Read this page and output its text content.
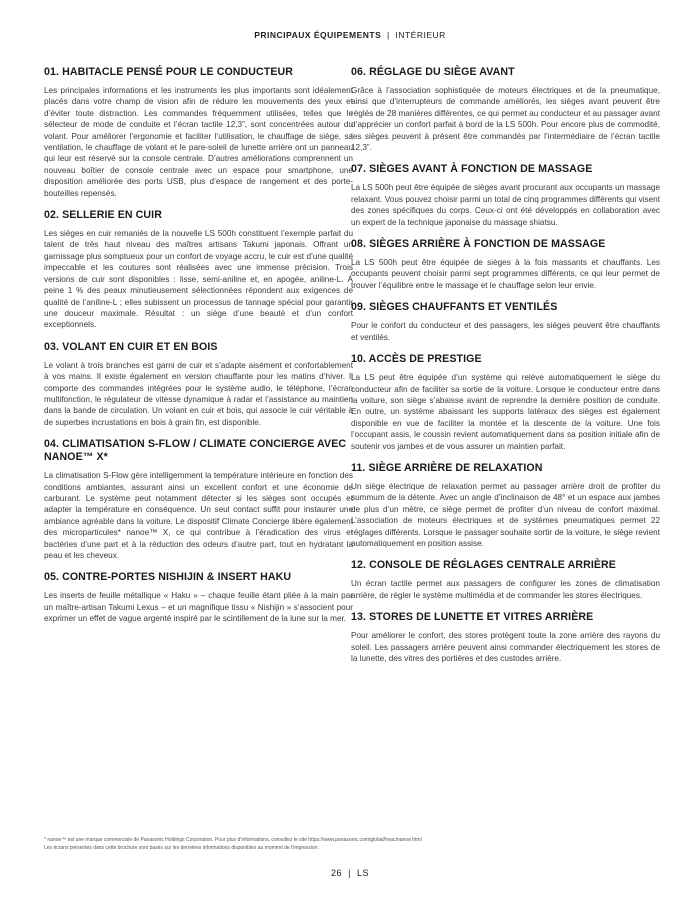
PRINCIPAUX ÉQUIPEMENTS | INTÉRIEUR
01. HABITACLE PENSÉ POUR LE CONDUCTEUR

Les principales informations et les instruments les plus importants sont idéalement placés dans votre champ de vision afin de réduire les mouvements des yeux et d’éviter toute distraction. Les commandes fréquemment utilisées, telles que le sélecteur de mode de conduite et l’écran tactile 12,3”, sont concentrées autour du volant. Pour améliorer l’ergonomie et faciliter l’utilisation, le chauffage de siège, sa ventilation, le chauffage de volant et le pare-soleil de lunette arrière ont un panneau qui leur est réservé sur la console centrale. D’autres améliorations comprennent un nouveau boîtier de console centrale avec un espace pour smartphone, une disposition améliorée des ports USB, plus d’espace de rangement et des porte-bouteilles repensés.

02. SELLERIE EN CUIR

Les sièges en cuir remaniés de la nouvelle LS 500h constituent l’exemple parfait du talent de très haut niveau des maîtres artisans Takumi japonais. Offrant un garnissage plus somptueux pour un confort de voyage accru, le cuir est d’une qualité impeccable et les coutures sont réalisées avec une immense précision. Trois versions de cuir sont disponibles : lisse, semi-aniline et, en apogée, aniline-L. À peine 1 % des peaux minutieusement sélectionnées répondent aux exigences de qualité de l’aniline-L ; elles subissent un processus de tannage spécial pour garantir une douceur maximale. Résultat : un siège d’une beauté et d’un confort exceptionnels.

03. VOLANT EN CUIR ET EN BOIS

Le volant à trois branches est garni de cuir et s’adapte aisément et confortablement à vos mains. Il existe également en version chauffante pour les matins d’hiver. Il comporte des commandes intégrées pour le système audio, le téléphone, l’écran multifonction, le régulateur de vitesse dynamique à radar et l’assistance au maintien dans la bande de circulation. Un volant en cuir et bois, qui associe le cuir véritable à de superbes incrustations en bois à grain fin, est disponible.

04. CLIMATISATION S-FLOW / CLIMATE CONCIERGE AVEC NANOE™ X*

La climatisation S-Flow gère intelligemment la température intérieure en fonction des conditions ambiantes, assurant ainsi un excellent confort et une économie de carburant. Le système peut notamment détecter si les sièges sont occupés et adapter la température en conséquence. Un seul contact suffit pour instaurer une ambiance agréable dans la voiture. Le dispositif Climate Concierge libère également des microparticules* nanoe™ X, ce qui contribue à l’éradication des virus et bactéries d’une part et à la réduction des odeurs d’autre part, tout en hydratant la peau et les cheveux.

05. CONTRE-PORTES NISHIJIN & INSERT HAKU

Les inserts de feuille métallique « Haku » – chaque feuille étant pliée à la main par un maître-artisan Takumi Lexus – et un magnifique tissu « Nishijin » s’associent pour exprimer un effet de vague argenté inspiré par le scintillement de la lune sur la mer.

06. RÉGLAGE DU SIÈGE AVANT

Grâce à l’association sophistiquée de moteurs électriques et de la pneumatique, ainsi que d’interrupteurs de commande améliorés, les sièges avant peuvent être réglés de 28 manières différentes, ce qui permet au conducteur et au passager avant d’apprécier un confort parfait à bord de la LS 500h. Pour encore plus de commodité, les sièges peuvent à présent être commandés par l’intermédiaire de l’écran tactile 12,3”.

07. SIÈGES AVANT À FONCTION DE MASSAGE

La LS 500h peut être équipée de sièges avant procurant aux occupants un massage relaxant. Vous pouvez choisir parmi un total de cinq programmes différents qui visent des zones spécifiques du corps. Ceux-ci ont été développés en collaboration avec un expert de la technique japonaise du massage shiatsu.

08. SIÈGES ARRIÈRE À FONCTION DE MASSAGE

La LS 500h peut être équipée de sièges à la fois massants et chauffants. Les occupants peuvent choisir parmi sept programmes différents, ce qui leur permet de trouver l’équilibre entre le massage et le chauffage selon leur envie.

09. SIÈGES CHAUFFANTS ET VENTILÉS

Pour le confort du conducteur et des passagers, les sièges peuvent être chauffants et ventilés.

10. ACCÈS DE PRESTIGE

La LS peut être équipée d’un système qui relève automatiquement le siège du conducteur afin de faciliter sa sortie de la voiture. Lorsque le conducteur entre dans la voiture, son siège s’abaisse avant de reprendre la dernière position de conduite. En outre, un système abaissant les supports latéraux des sièges est également disponible en vue de faciliter la montée et la descente de la voiture. Une fois l’occupant assis, le coussin revient automatiquement dans sa position initiale afin de soutenir vos jambes et de vous assurer un maintien parfait.

11. SIÈGE ARRIÈRE DE RELAXATION

Un siège électrique de relaxation permet au passager arrière droit de profiter du summum de la détente. Avec un angle d’inclinaison de 48° et un espace aux jambes de plus d’un mètre, ce siège permet de profiter d’un niveau de confort maximal. L’association de moteurs électriques et de systèmes pneumatiques permet 22 réglages différents. Lorsque le passager souhaite sortir de la voiture, le siège revient automatiquement en position assise.

12. CONSOLE DE RÉGLAGES CENTRALE ARRIÈRE

Un écran tactile permet aux passagers de configurer les zones de climatisation arrière, de régler le système multimédia et de commander les stores électriques.

13. STORES DE LUNETTE ET VITRES ARRIÈRE

Pour améliorer le confort, des stores protègent toute la zone arrière des rayons du soleil. Les passagers arrière peuvent ainsi commander électriquement les stores de la lunette, des vitres des portières et des custodes arrière.

* nanoe™ est une marque commerciale de Panasonic Holdings Corporation. Pour plus d’informations, consultez le site https://www.panasonic.com/global/hvac/nanoe.html
Les écrans présentés dans cette brochure sont basés sur les dernières informations disponibles au moment de l’impression.
26 | LS
